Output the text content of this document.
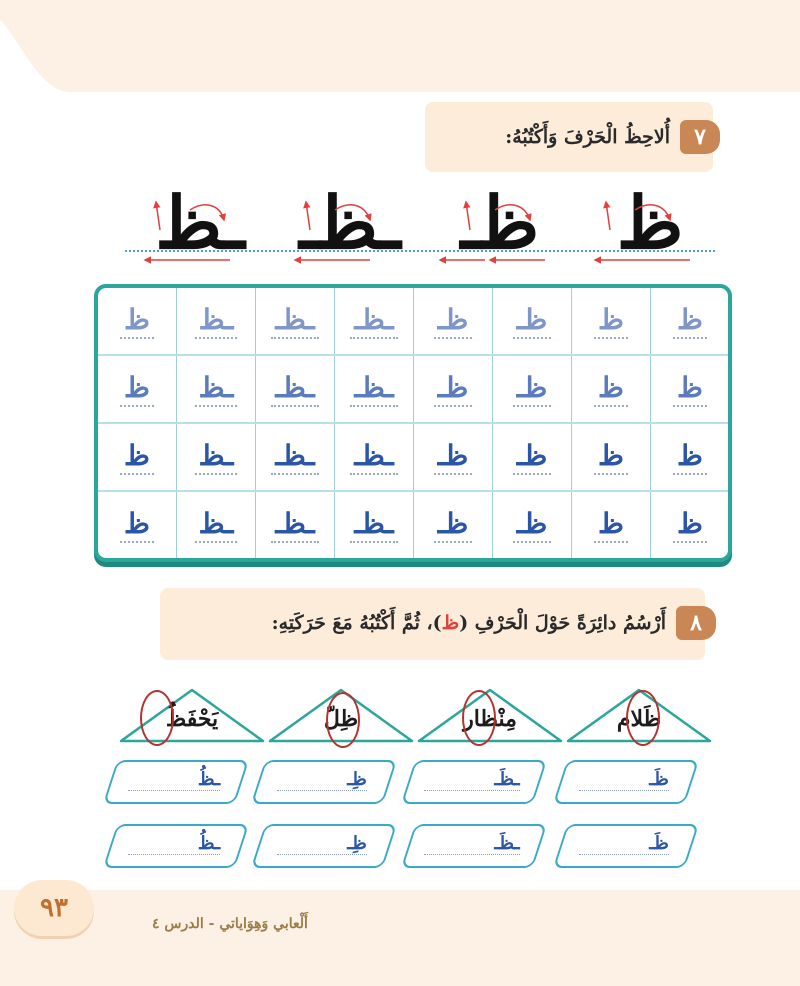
٧
أُلاحِظُ الْحَرْفَ وَأَكْتُبُهُ:
ـظ ـظـ ظـ ظ
ظ ـظ ـظـ ـظـ ظـ ظـ ظ ظ
ظ ـظ ـظـ ـظـ ظـ ظـ ظ ظ
ظ ـظ ـظـ ـظـ ظـ ظـ ظ ظ
ظ ـظ ـظـ ـظـ ظـ ظـ ظ ظ
٨
أَرْسُمُ دائِرَةً حَوْلَ الْحَرْفِ (ظ)، ثُمَّ أَكْتُبُهُ مَعَ حَرَكَتِهِ:
يَحْفَظُ	ظِلّ	مِنْظار	ظَلام
ـظُ	ظِـ	ـظَـ	ظَـ
ـظُ	ظِـ	ـظَـ	ظَـ
٩٣
أَلْعابي وَهِوَاياتي - الدرس ٤
